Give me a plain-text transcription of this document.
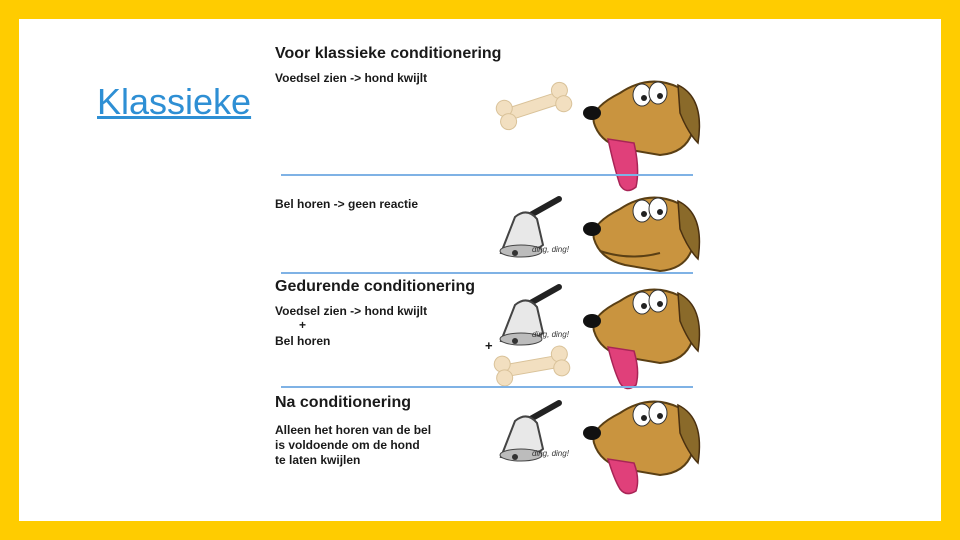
Klassieke
Voor klassieke conditionering
Voedsel zien -> hond kwijlt
Bel horen -> geen reactie
ding, ding!
Gedurende conditionering
Voedsel zien -> hond kwijlt
+
Bel horen	ding, ding!
+
Na conditionering
Alleen het horen van de bel
is voldoende om de hond
te laten kwijlen	ding, ding!
